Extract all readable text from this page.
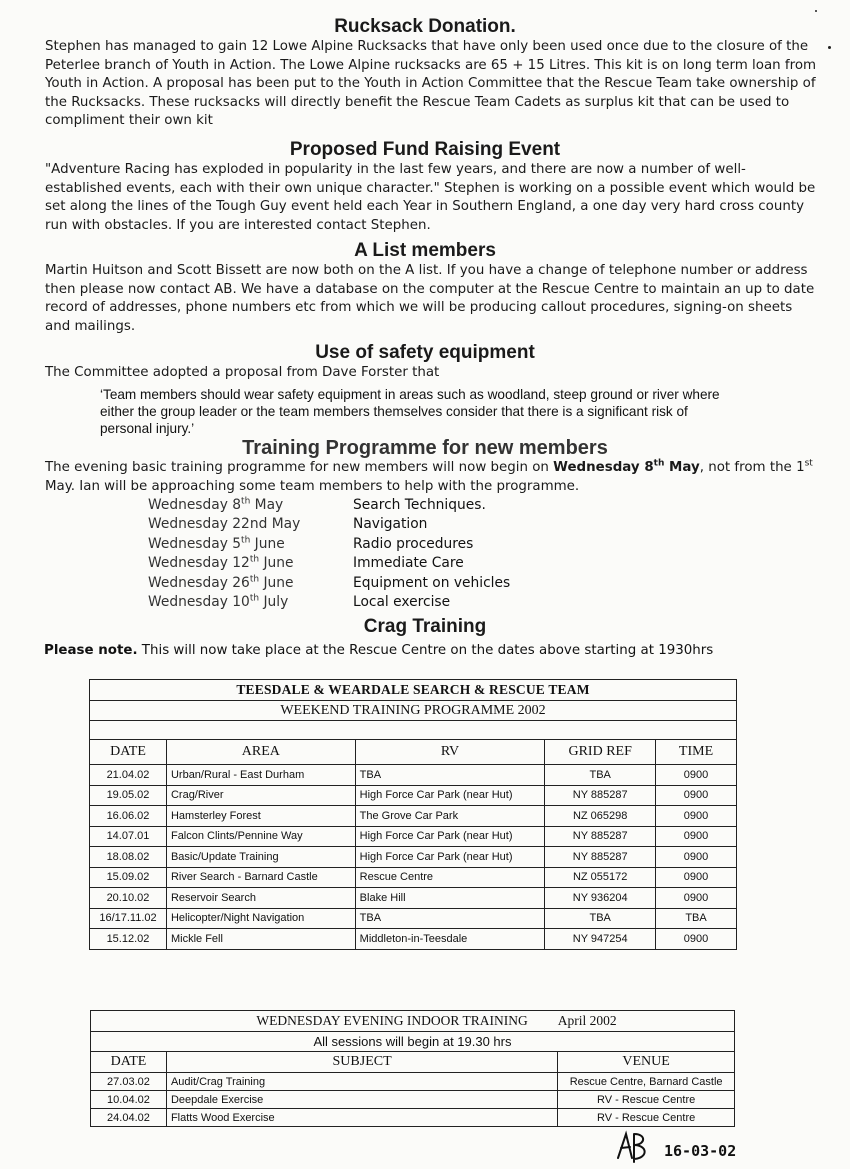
Rucksack Donation.

Stephen has managed to gain 12 Lowe Alpine Rucksacks that have only been used once due to the closure of the Peterlee branch of Youth in Action. The Lowe Alpine rucksacks are 65 + 15 Litres. This kit is on long term loan from Youth in Action. A proposal has been put to the Youth in Action Committee that the Rescue Team take ownership of the Rucksacks. These rucksacks will directly benefit the Rescue Team Cadets as surplus kit that can be used to compliment their own kit

Proposed Fund Raising Event

"Adventure Racing has exploded in popularity in the last few years, and there are now a number of well-established events, each with their own unique character." Stephen is working on a possible event which would be set along the lines of the Tough Guy event held each Year in Southern England, a one day very hard cross county run with obstacles. If you are interested contact Stephen.

A List members

Martin Huitson and Scott Bissett are now both on the A list. If you have a change of telephone number or address then please now contact AB. We have a database on the computer at the Rescue Centre to maintain an up to date record of addresses, phone numbers etc from which we will be producing callout procedures, signing-on sheets and mailings.

Use of safety equipment

The Committee adopted a proposal from Dave Forster that

‘Team members should wear safety equipment in areas such as woodland, steep ground or river where either the group leader or the team members themselves consider that there is a significant risk of personal injury.’

Training Programme for new members

The evening basic training programme for new members will now begin on Wednesday 8th May, not from the 1st May. Ian will be approaching some team members to help with the programme.

Wednesday 8th May	Search Techniques.
Wednesday 22nd May	Navigation
Wednesday 5th June	Radio procedures
Wednesday 12th June	Immediate Care
Wednesday 26th June	Equipment on vehicles
Wednesday 10th July	Local exercise
Crag Training

Please note. This will now take place at the Rescue Centre on the dates above starting at 1930hrs

TEESDALE & WEARDALE SEARCH & RESCUE TEAM				
WEEKEND TRAINING PROGRAMME 2002				

DATE	AREA	RV	GRID REF	TIME
21.04.02	Urban/Rural - East Durham	TBA	TBA	0900
19.05.02	Crag/River	High Force Car Park (near Hut)	NY 885287	0900
16.06.02	Hamsterley Forest	The Grove Car Park	NZ 065298	0900
14.07.01	Falcon Clints/Pennine Way	High Force Car Park (near Hut)	NY 885287	0900
18.08.02	Basic/Update Training	High Force Car Park (near Hut)	NY 885287	0900
15.09.02	River Search - Barnard Castle	Rescue Centre	NZ 055172	0900
20.10.02	Reservoir Search	Blake Hill	NY 936204	0900
16/17.11.02	Helicopter/Night Navigation	TBA	TBA	TBA
15.12.02	Mickle Fell	Middleton-in-Teesdale	NY 947254	0900
WEDNESDAY EVENING INDOOR TRAINING		April 2002
All sessions will begin at 19.30 hrs		
DATE	SUBJECT	VENUE
27.03.02	Audit/Crag Training	Rescue Centre, Barnard Castle
10.04.02	Deepdale Exercise	RV - Rescue Centre
24.04.02	Flatts Wood Exercise	RV - Rescue Centre
16-03-02
